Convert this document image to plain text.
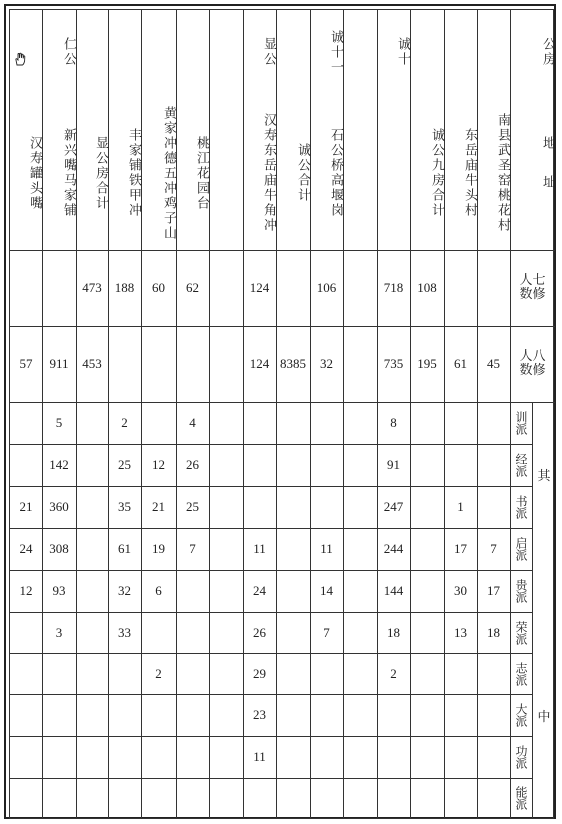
汉寿罐头嘴
57
21
24
12
仁公
新兴嘴马家铺
911
5
142
360
308
93
3
显公房合计
473
453
丰家铺铁甲冲
188
2
25
35
61
32
33
黄家冲德五冲鸡子山
60
12
21
19
6
2
桃江花园台
62
4
26
25
7
显公
汉寿东岳庙牛角冲
124
124
11
24
26
29
23
11
诚公合计
8385
诚十一
石公桥高堰岗
106
32
11
14
7
诚十
718
735
8
91
247
244
144
18
2
诚公九房合计
108
195
东岳庙牛头村
61
1
17
30
13
南县武圣窑桃花村
45
7
17
18
公房
地址
人七
数修
人八
数修
训派
经派
书派
启派
贵派
荣派
志派
大派
功派
能派
其
中
